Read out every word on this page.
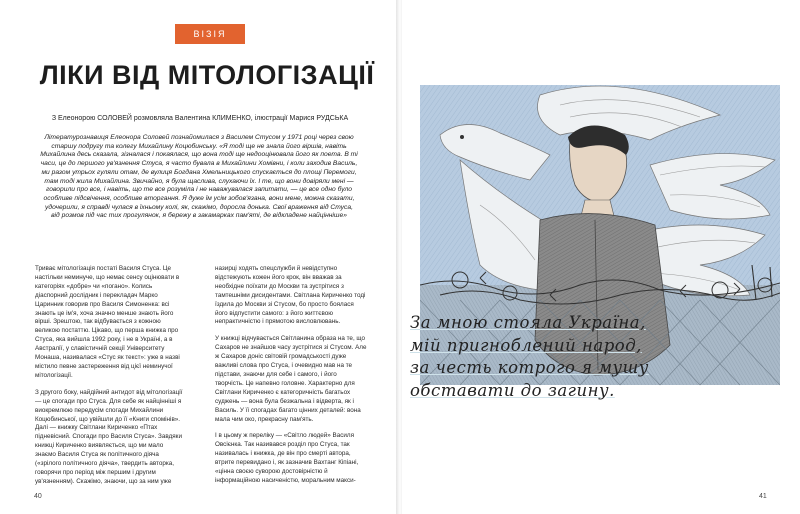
ВІЗІЯ
ЛІКИ ВІД МІТОЛОГІЗАЦІЇ
З Елеонорою СОЛОВЕЙ розмовляла Валентина КЛИМЕНКО, ілюстрації Марися РУДСЬКА
Літературознавиця Елеонора Соловей познайомилася з Василем Стусом у 1971 році через свою старшу подругу та колегу Михайлину Коцюбинську. «Я тоді ще не знала його віршів, навіть Михайлина десь сказала, зізналася і покаялася, що вона тоді ще недооцінювала його як поета. В ті часи, це до першого ув'язнення Стуса, я часто бувала в Михайлини Хомівни, і коли заходив Василь, ми разом утрьох гуляли отам, де вулиця Богдана Хмельницького спускається до площі Перемоги, там тоді жила Михайлина. Звичайно, я була щаслива, слухаючи їх. І те, що вони довіряли мені — говорили про все, і навіть, що те все розуміла і не наважувалася запитати, — це все одно було особливе підсвічення, особливе вторгання. Я дуже їм усім зобов'язана, вони мене, можна сказати, удочерили, я справді чулася в їхньому колі, як, скажімо, доросла донька. Свої враження від Стуса, від розмов під час тих прогулянок, я бережу в закамарках пам'яті, де відкладене найцінніше»

Триває мітологізація постаті Василя Стуса. Це настільки неминуче, що немає сенсу оцінювати в категоріях «добре» чи «погано». Колись діаспорний дослідник і перекладач Марко Царинник говорив про Василя Симоненка: всі знають це ім'я, хоча значно менше знають його вірші. Зрештою, так відбувається з кожною великою постаттю. Цікаво, що перша книжка про Стуса, яка вийшла 1992 року, і не в Україні, а в Австралії, у славістичній секції Університету Монаша, називалася «Стус як текст»: уже в назві містило певне застереження від цієї неминучої мітологізації.

З другого боку, найдійний антидот від мітологізації — це спогади про Стуса. Для себе як найцінніші я виокремлюю передусім спогади Михайлини Коцюбинської, що увійшли до її «Книги спомінів». Далі — книжку Світлани Кириченко «Птах підневісний. Спогади про Василя Стуса». Завдяки книжці Кириченко виявляється, що ми мало знаємо Василя Стуса як політичного діяча («зрілого політичного діяча», твердить авторка, говорячи про період між першим і другим ув'язненням). Скажімо, знаючи, що за ним уже

назирці ходять спецслужби й невідступно відстежують кожен його крок, він вважав за необхідне поїхати до Москви та зустрітися з тамтешніми дисидентами. Світлана Кириченко тоді їздила до Москви зі Стусом, бо просто боялася його відпустити самого: з його життєвою непрактичністю і прямотою висловлювань.

У книжці відчувається Світланина образа на те, що Сахаров не знайшов часу зустрітися зі Стусом. Але ж Сахаров доніс світовій громадськості дуже важливі слова про Стуса, і очевидно мав на те підстави, знаючи для себе і самого, і його творчість. Це напевно головне. Характерно для Світлани Кириченко є категоричність багатьох суджень — вона була безжальна і відверта, як і Василь. У її спогадах багато цінних деталей: вона мала чим око, прекрасну пам'ять.

І в цьому ж переліку — «Світло людей» Василя Овсієнка. Так називався розділ про Стуса, так називалась і книжка, де він про смерті автора, втрите перевидано і, як зазначив Вахтанг Кіпіані, «цінна своєю суворою достовірністю й інформаційною насиченістю, моральним макси-

40
За мною стояла Україна,
мій пригноблений народ,
за честь котрого я мушу
обставати до загину.
41
